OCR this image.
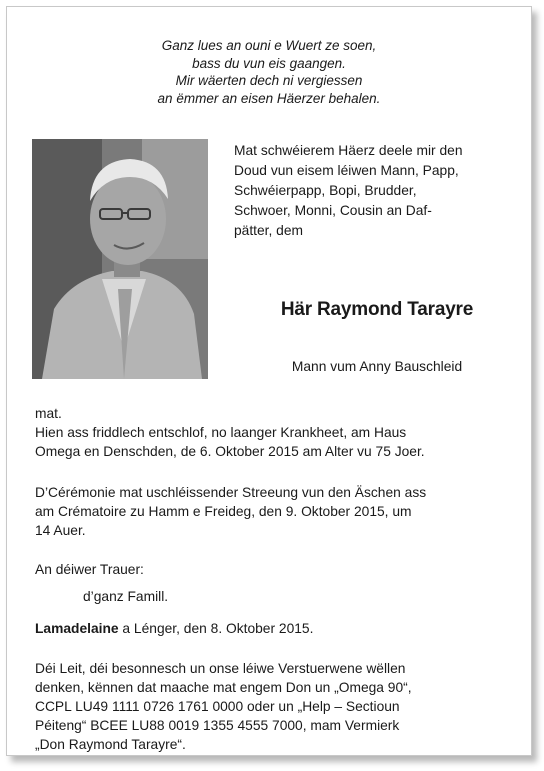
Ganz lues an ouni e Wuert ze soen,
bass du vun eis gaangen.
Mir wäerten dech ni vergiessen
an ëmmer an eisen Häerzer behalen.
Mat schwéierem Häerz deele mir den
Doud vun eisem léiwen Mann, Papp,
Schwéierpapp, Bopi, Brudder,
Schwoer, Monni, Cousin an Daf-
pätter, dem
Här Raymond Tarayre
Mann vum Anny Bauschleid
mat.
Hien ass friddlech entschlof, no laanger Krankheet, am Haus
Omega en Denschden, de 6. Oktober 2015 am Alter vu 75 Joer.
D’Cérémonie mat uschléissender Streeung vun den Äschen ass
am Crématoire zu Hamm e Freideg, den 9. Oktober 2015, um
14 Auer.
An déiwer Trauer:
d’ganz Famill.
Lamadelaine a Lénger, den 8. Oktober 2015.
Déi Leit, déi besonnesch un onse léiwe Verstuerwene wëllen
denken, kënnen dat maache mat engem Don un „Omega 90“,
CCPL LU49 1111 0726 1761 0000 oder un „Help – Sectioun
Péiteng“ BCEE LU88 0019 1355 4555 7000, mam Vermierk
„Don Raymond Tarayre“.
